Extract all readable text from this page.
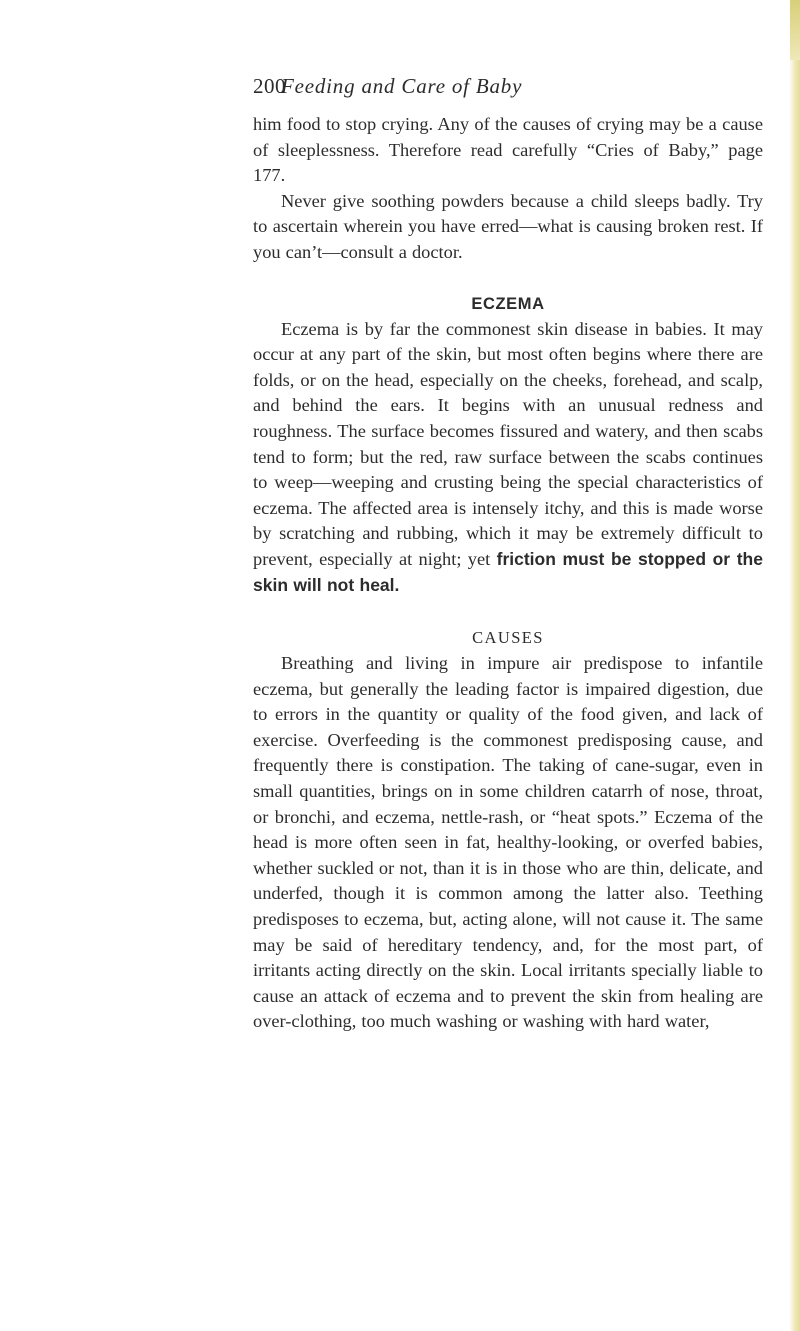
200
Feeding and Care of Baby

him food to stop crying. Any of the causes of crying may be a cause of sleeplessness. Therefore read carefully “Cries of Baby,” page 177.

Never give soothing powders because a child sleeps badly. Try to ascertain wherein you have erred—what is causing broken rest. If you can’t—consult a doctor.

ECZEMA

Eczema is by far the commonest skin disease in babies. It may occur at any part of the skin, but most often begins where there are folds, or on the head, especially on the cheeks, forehead, and scalp, and behind the ears. It begins with an unusual redness and roughness. The surface becomes fissured and watery, and then scabs tend to form; but the red, raw surface between the scabs continues to weep—weeping and crusting being the special characteristics of eczema. The affected area is intensely itchy, and this is made worse by scratching and rubbing, which it may be extremely difficult to prevent, especially at night; yet friction must be stopped or the skin will not heal.

CAUSES

Breathing and living in impure air predispose to infantile eczema, but generally the leading factor is impaired digestion, due to errors in the quantity or quality of the food given, and lack of exercise. Overfeeding is the commonest predisposing cause, and frequently there is constipation. The taking of cane-sugar, even in small quantities, brings on in some children catarrh of nose, throat, or bronchi, and eczema, nettle-rash, or “heat spots.” Eczema of the head is more often seen in fat, healthy-looking, or overfed babies, whether suckled or not, than it is in those who are thin, delicate, and underfed, though it is common among the latter also. Teething predisposes to eczema, but, acting alone, will not cause it. The same may be said of hereditary tendency, and, for the most part, of irritants acting directly on the skin. Local irritants specially liable to cause an attack of eczema and to prevent the skin from healing are over-clothing, too much washing or washing with hard water,
